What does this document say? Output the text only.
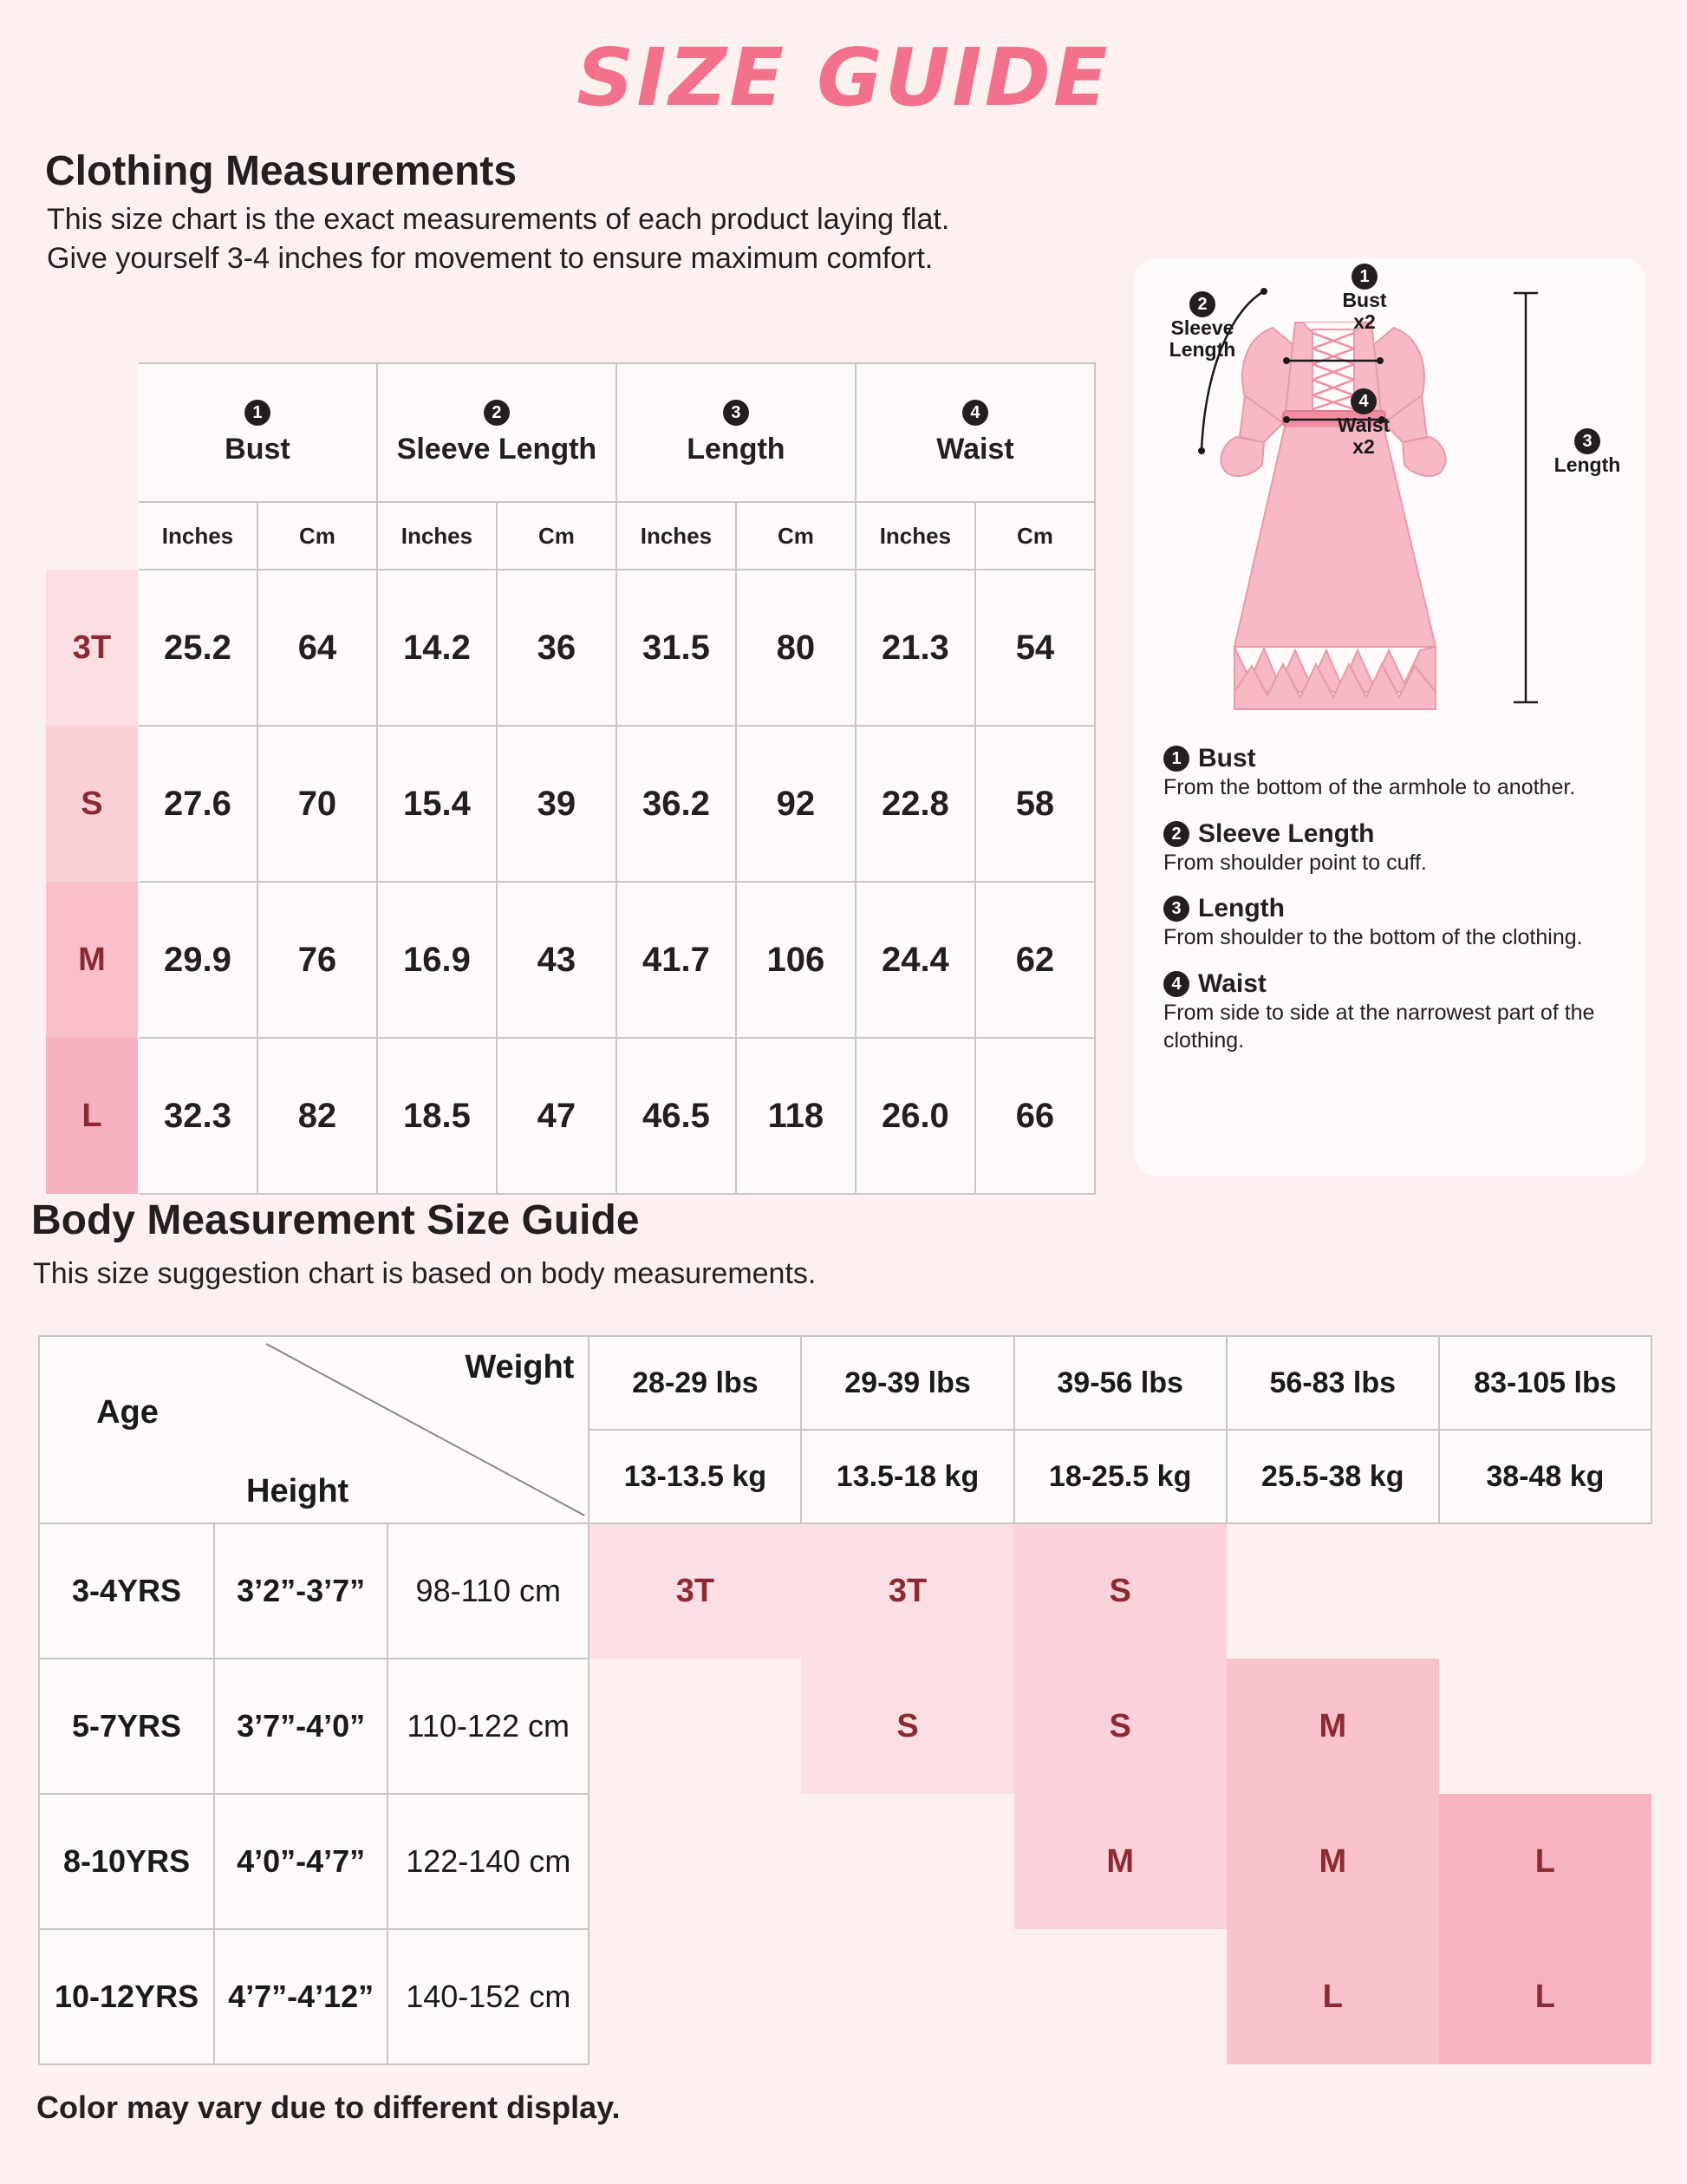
SIZE GUIDE
Clothing Measurements
This size chart is the exact measurements of each product laying flat.
Give yourself 3-4 inches for movement to ensure maximum comfort.

	1
Bust		2
Sleeve Length		3
Length		4
Waist	
	Inches	Cm	Inches	Cm	Inches	Cm	Inches	Cm
3T	25.2	64	14.2	36	31.5	80	21.3	54
S	27.6	70	15.4	39	36.2	92	22.8	58
M	29.9	76	16.9	43	41.7	106	24.4	62
L	32.3	82	18.5	47	46.5	118	26.0	66
1
Bust
x2
2
Sleeve
Length
4
Waist
x2	3
Length
1 Bust
From the bottom of the armhole to another.
2 Sleeve Length
From shoulder point to cuff.
3 Length
From shoulder to the bottom of the clothing.
4 Waist
From side to side at the narrowest part of the clothing.
Body Measurement Size Guide
This size suggestion chart is based on body measurements.
Age
Weight
Height			28-29 lbs	29-39 lbs	39-56 lbs	56-83 lbs	83-105 lbs
			13-13.5 kg	13.5-18 kg	18-25.5 kg	25.5-38 kg	38-48 kg
3-4YRS	3’2”-3’7”	98-110 cm	3T	3T	S		
5-7YRS	3’7”-4’0”	110-122 cm		S	S	M	
8-10YRS	4’0”-4’7”	122-140 cm			M	M	L
10-12YRS	4’7”-4’12”	140-152 cm				L	L
Color may vary due to different display.
